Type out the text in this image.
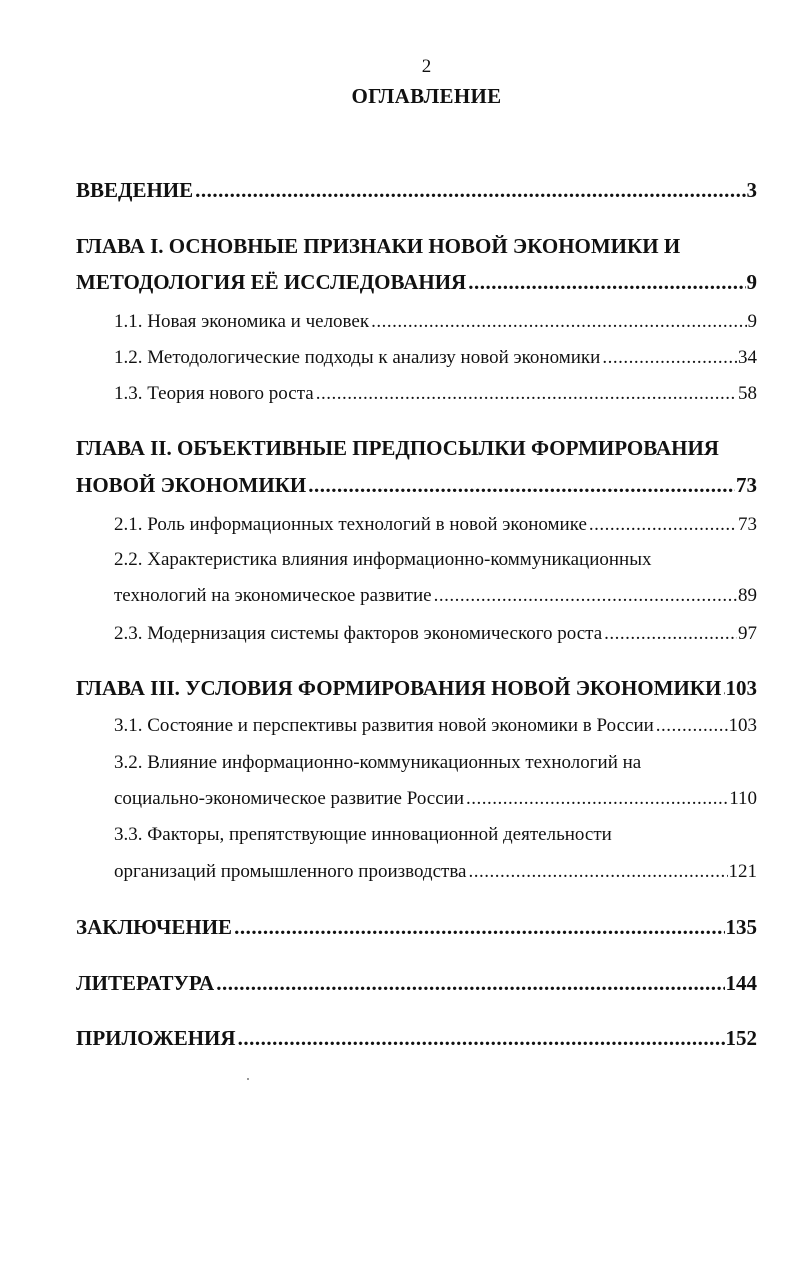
2
ОГЛАВЛЕНИЕ
ВВЕДЕНИЕ .....	3
ГЛАВА I. ОСНОВНЫЕ ПРИЗНАКИ НОВОЙ ЭКОНОМИКИ И
МЕТОДОЛОГИЯ ЕЁ ИССЛЕДОВАНИЯ .....	9
1.1. Новая экономика и человек .....	9
1.2. Методологические подходы к анализу новой экономики .....	34
1.3. Теория нового роста .....	58
ГЛАВА II. ОБЪЕКТИВНЫЕ ПРЕДПОСЫЛКИ ФОРМИРОВАНИЯ
НОВОЙ ЭКОНОМИКИ .....	73
2.1. Роль информационных технологий в новой экономике .....	73
2.2. Характеристика влияния информационно-коммуникационных
технологий на экономическое развитие .....	89
2.3. Модернизация системы факторов экономического роста .....	97
ГЛАВА III. УСЛОВИЯ ФОРМИРОВАНИЯ НОВОЙ ЭКОНОМИКИ ..... 103
3.1. Состояние и перспективы развития новой экономики в России .....	103
3.2. Влияние информационно-коммуникационных технологий на
социально-экономическое развитие России .....	110
3.3. Факторы, препятствующие инновационной деятельности
организаций промышленного производства .....	121
ЗАКЛЮЧЕНИЕ .....	135
ЛИТЕРАТУРА .....	144
ПРИЛОЖЕНИЯ .....	152
